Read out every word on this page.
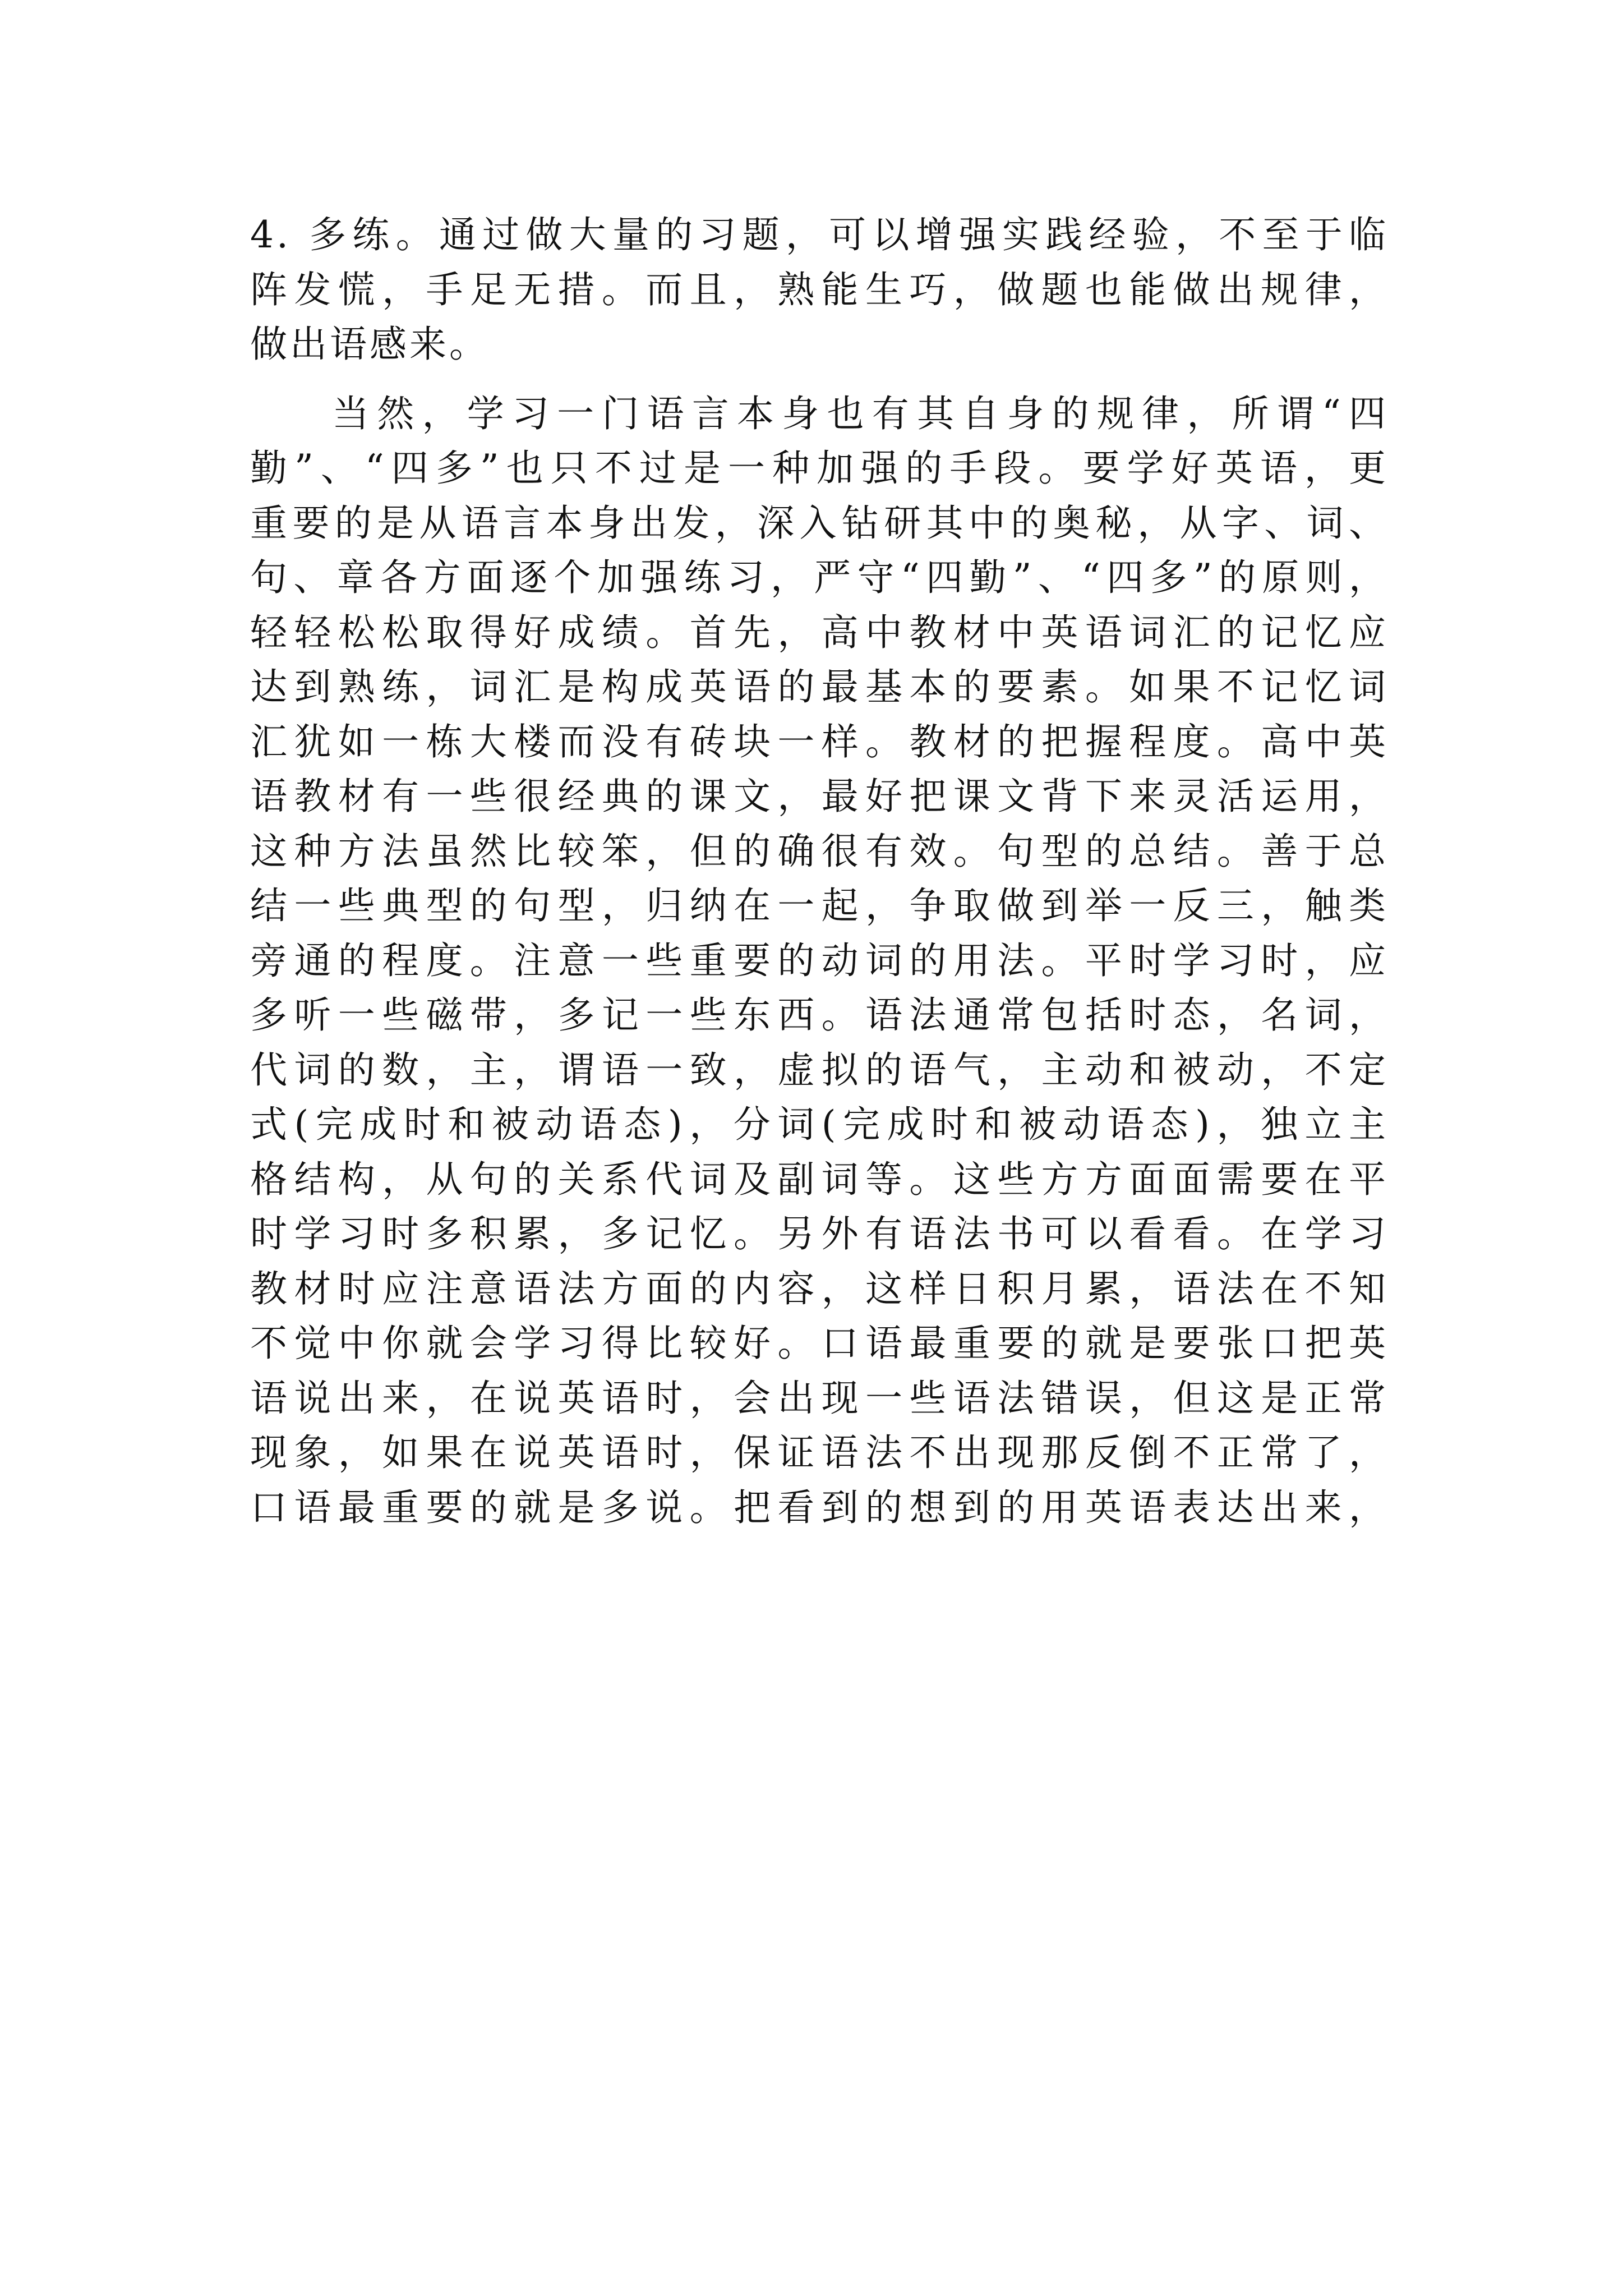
4. 多练。通过做大量的习题，可以增强实践经验，不至于临
阵发慌，手足无措。而且，熟能生巧，做题也能做出规律，
做出语感来。

当然，学习一门语言本身也有其自身的规律，所谓“四
勤”、“四多”也只不过是一种加强的手段。要学好英语，更
重要的是从语言本身出发，深入钻研其中的奥秘，从字、词、
句、章各方面逐个加强练习，严守“四勤”、“四多”的原则，
轻轻松松取得好成绩。首先，高中教材中英语词汇的记忆应
达到熟练，词汇是构成英语的最基本的要素。如果不记忆词
汇犹如一栋大楼而没有砖块一样。教材的把握程度。高中英
语教材有一些很经典的课文，最好把课文背下来灵活运用，
这种方法虽然比较笨，但的确很有效。句型的总结。善于总
结一些典型的句型，归纳在一起，争取做到举一反三，触类
旁通的程度。注意一些重要的动词的用法。平时学习时，应
多听一些磁带，多记一些东西。语法通常包括时态，名词，
代词的数，主，谓语一致，虚拟的语气，主动和被动，不定
式(完成时和被动语态)，分词(完成时和被动语态)，独立主
格结构，从句的关系代词及副词等。这些方方面面需要在平
时学习时多积累，多记忆。另外有语法书可以看看。在学习
教材时应注意语法方面的内容，这样日积月累，语法在不知
不觉中你就会学习得比较好。口语最重要的就是要张口把英
语说出来，在说英语时，会出现一些语法错误，但这是正常
现象，如果在说英语时，保证语法不出现那反倒不正常了，
口语最重要的就是多说。把看到的想到的用英语表达出来，
